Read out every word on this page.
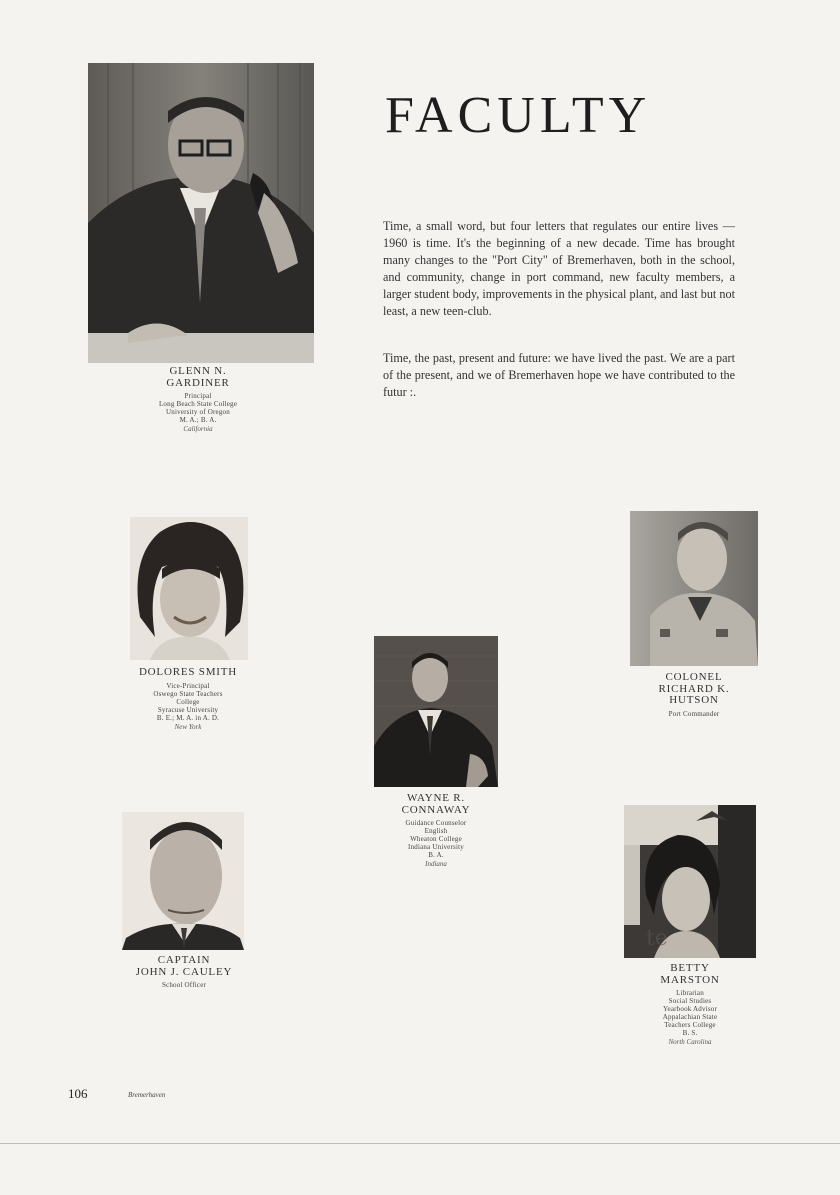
FACULTY

Time, a small word, but four letters that regulates our entire lives — 1960 is time. It's the beginning of a new decade. Time has brought many changes to the "Port City" of Bremerhaven, both in the school, and community, change in port command, new faculty members, a larger student body, improvements in the physical plant, and last but not least, a new teen-club.

Time, the past, present and future: we have lived the past. We are a part of the present, and we of Bremerhaven hope we have contributed to the futur :.

GLENN N.
GARDINER
Principal
Long Beach State College
University of Oregon
M. A.; B. A.
California
DOLORES SMITH
Vice-Principal
Oswego State Teachers
College
Syracuse University
B. E.; M. A. in A. D.
New York
COLONEL
RICHARD K.
HUTSON
Port Commander
WAYNE R.
CONNAWAY
Guidance Counselor
English
Wheaton College
Indiana University
B. A.
Indiana
CAPTAIN
JOHN J. CAULEY
School Officer
te
BETTY
MARSTON
Librarian
Social Studies
Yearbook Advisor
Appalachian State
Teachers College
B. S.
North Carolina
106	Bremerhaven
